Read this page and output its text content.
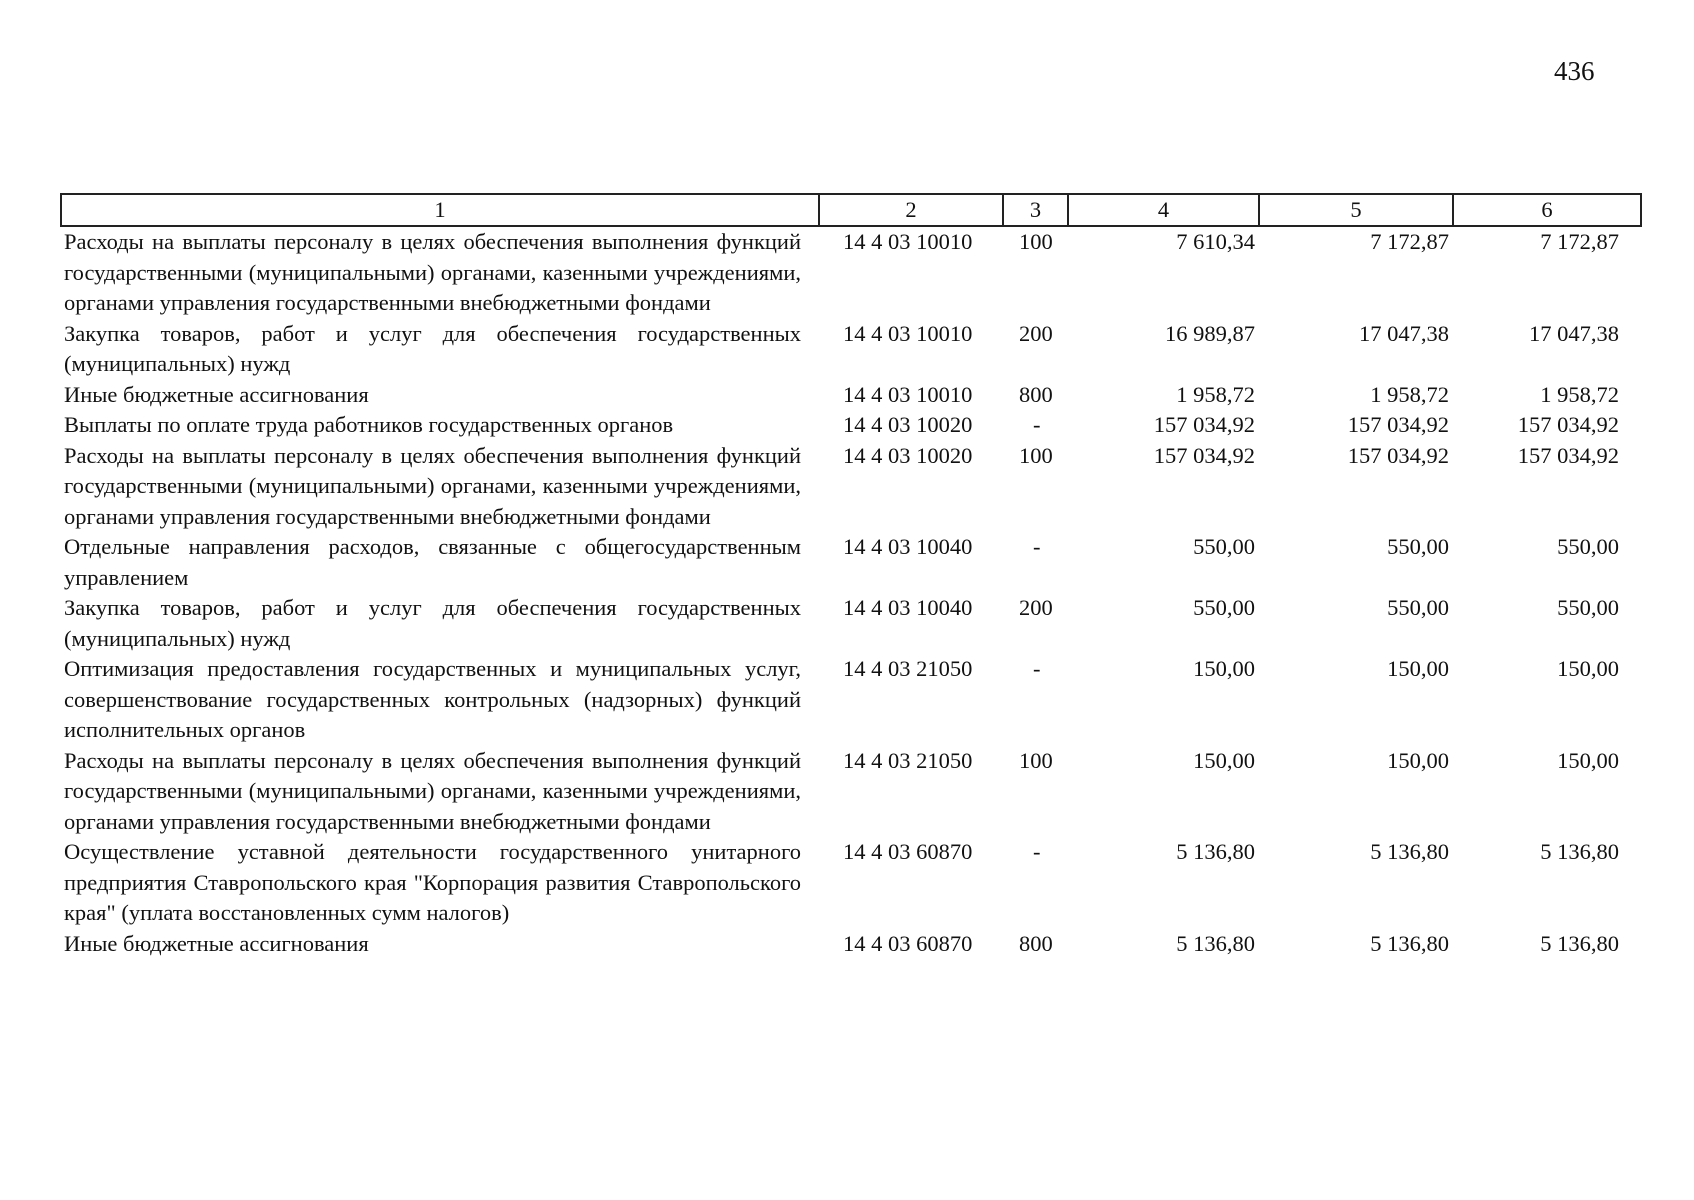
436
1	2	3	4	5	6
Расходы на выплаты персоналу в целях обеспечения выполнения функций государственными (муниципальными) органами, казенными учреждениями, органами управления государственными внебюджетными фондами	14 4 03 10010	100	7 610,34	7 172,87	7 172,87
Закупка товаров, работ и услуг для обеспечения государственных (муниципальных) нужд	14 4 03 10010	200	16 989,87	17 047,38	17 047,38
Иные бюджетные ассигнования	14 4 03 10010	800	1 958,72	1 958,72	1 958,72
Выплаты по оплате труда работников государственных органов	14 4 03 10020	-	157 034,92	157 034,92	157 034,92
Расходы на выплаты персоналу в целях обеспечения выполнения функций государственными (муниципальными) органами, казенными учреждениями, органами управления государственными внебюджетными фондами	14 4 03 10020	100	157 034,92	157 034,92	157 034,92
Отдельные направления расходов, связанные с общегосударственным управлением	14 4 03 10040	-	550,00	550,00	550,00
Закупка товаров, работ и услуг для обеспечения государственных (муниципальных) нужд	14 4 03 10040	200	550,00	550,00	550,00
Оптимизация предоставления государственных и муниципальных услуг, совершенствование государственных контрольных (надзорных) функций исполнительных органов	14 4 03 21050	-	150,00	150,00	150,00
Расходы на выплаты персоналу в целях обеспечения выполнения функций государственными (муниципальными) органами, казенными учреждениями, органами управления государственными внебюджетными фондами	14 4 03 21050	100	150,00	150,00	150,00
Осуществление уставной деятельности государственного унитарного предприятия Ставропольского края "Корпорация развития Ставропольского края" (уплата восстановленных сумм налогов)	14 4 03 60870	-	5 136,80	5 136,80	5 136,80
Иные бюджетные ассигнования	14 4 03 60870	800	5 136,80	5 136,80	5 136,80
